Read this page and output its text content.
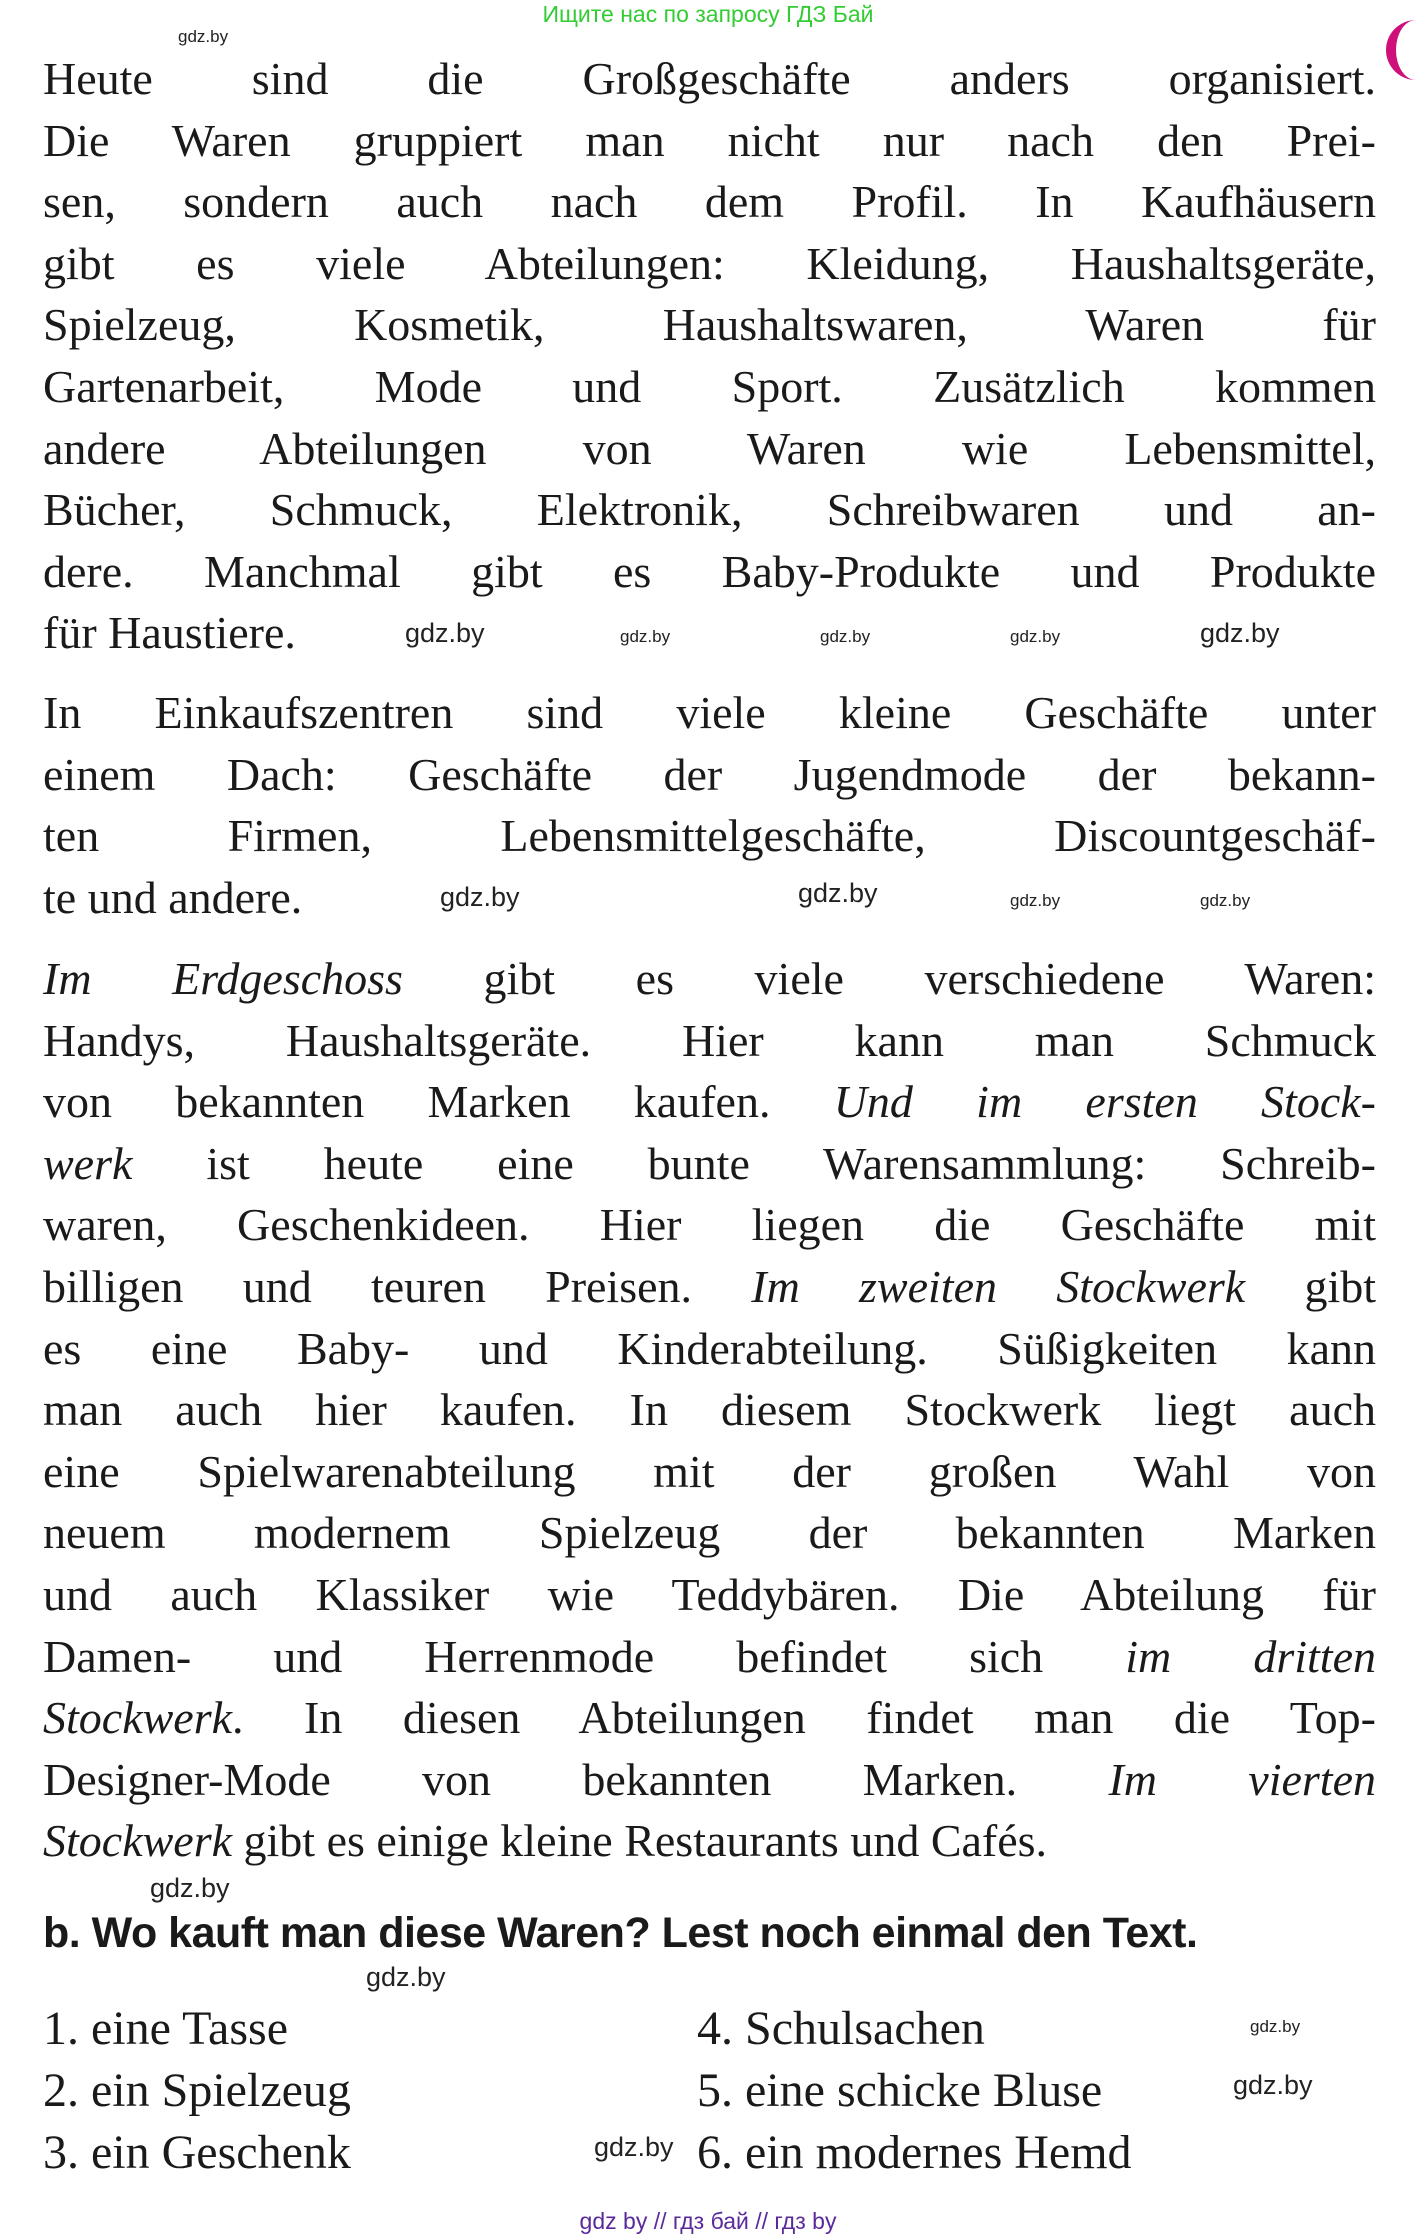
Ищите нас по запросу ГДЗ Бай
Heute sind die Großgeschäfte anders organisiert.
Die Waren gruppiert man nicht nur nach den Prei-
sen, sondern auch nach dem Profil. In Kaufhäusern
gibt es viele Abteilungen: Kleidung, Haushaltsgeräte,
Spielzeug, Kosmetik, Haushaltswaren, Waren für
Gartenarbeit, Mode und Sport. Zusätzlich kommen
andere Abteilungen von Waren wie Lebensmittel,
Bücher, Schmuck, Elektronik, Schreibwaren und an-
dere. Manchmal gibt es Baby-Produkte und Produkte
für Haustiere.
In Einkaufszentren sind viele kleine Geschäfte unter
einem Dach: Geschäfte der Jugendmode der bekann-
ten Firmen, Lebensmittelgeschäfte, Discountgeschäf-
te und andere.
Im Erdgeschoss gibt es viele verschiedene Waren:
Handys, Haushaltsgeräte. Hier kann man Schmuck
von bekannten Marken kaufen. Und im ersten Stock-
werk ist heute eine bunte Warensammlung: Schreib-
waren, Geschenkideen. Hier liegen die Geschäfte mit
billigen und teuren Preisen. Im zweiten Stockwerk gibt
es eine Baby- und Kinderabteilung. Süßigkeiten kann
man auch hier kaufen. In diesem Stockwerk liegt auch
eine Spielwarenabteilung mit der großen Wahl von
neuem modernem Spielzeug der bekannten Marken
und auch Klassiker wie Teddybären. Die Abteilung für
Damen- und Herrenmode befindet sich im dritten
Stockwerk. In diesen Abteilungen findet man die Top-
Designer-Mode von bekannten Marken. Im vierten
Stockwerk gibt es einige kleine Restaurants und Cafés.
b. Wo kauft man diese Waren? Lest noch einmal den Text.
1. eine Tasse
2. ein Spielzeug
3. ein Geschenk
4. Schulsachen
5. eine schicke Bluse
6. ein modernes Hemd
gdz.by
gdz.by	gdz.by	gdz.by
gdz.by	gdz.by
gdz.by
gdz.by	gdz.by	gdz.by
gdz.by
gdz.by
gdz.by
gdz.by
gdz.by
gdz by // гдз бай // гдз by
